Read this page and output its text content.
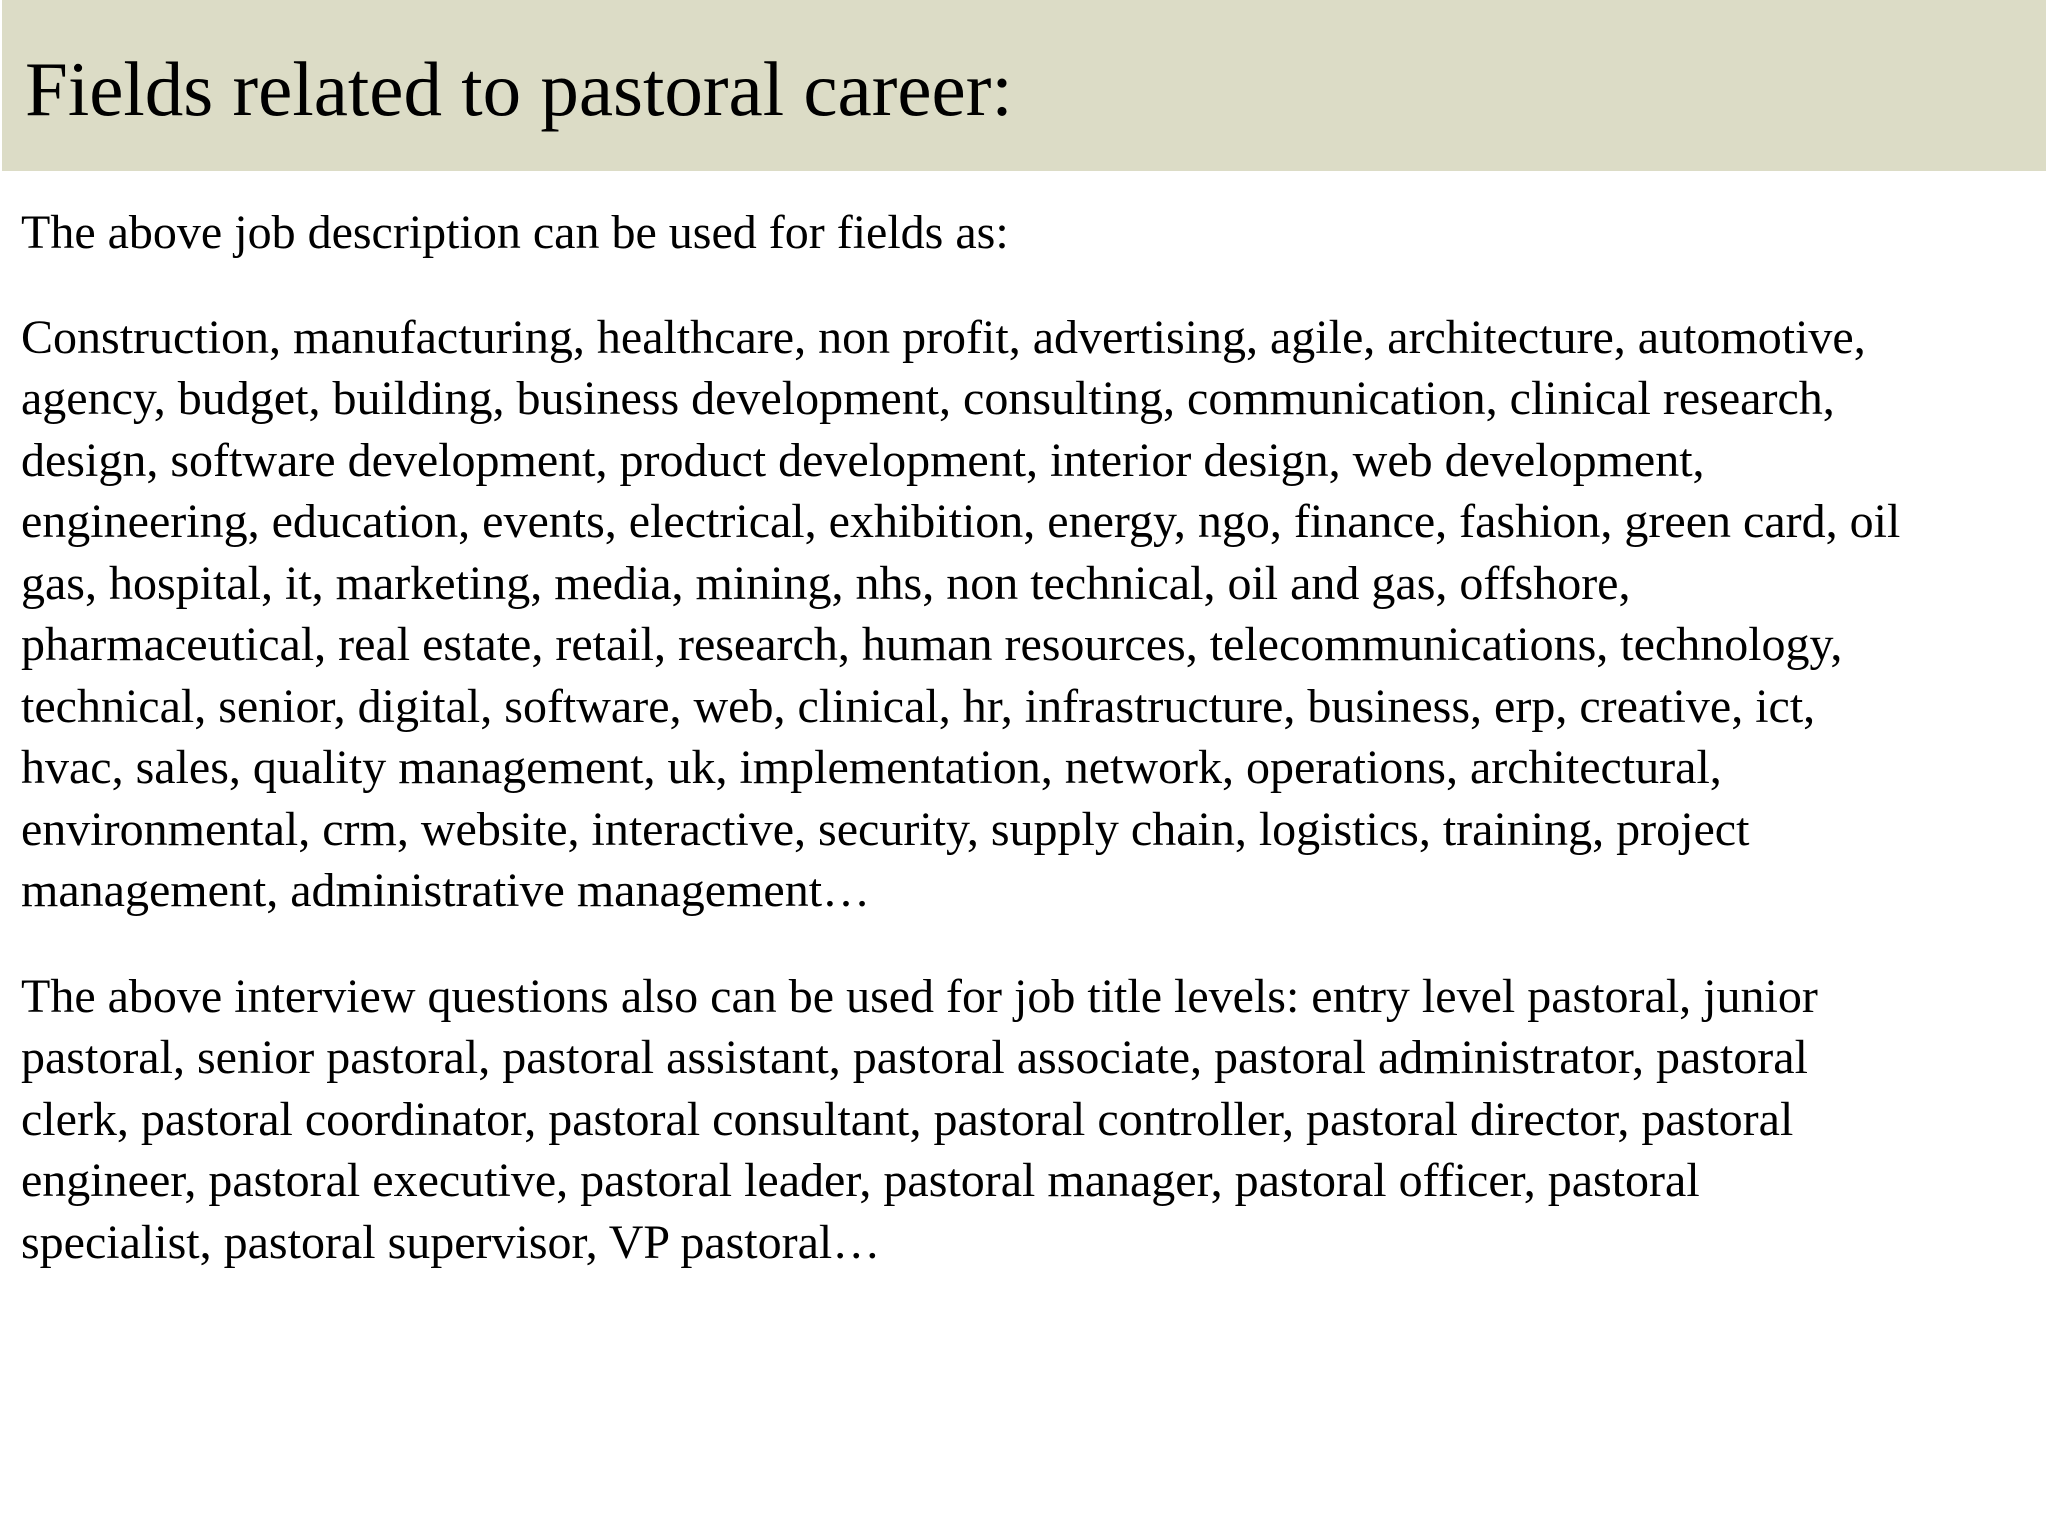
Fields related to pastoral career:

The above job description can be used for fields as:

Construction, manufacturing, healthcare, non profit, advertising, agile, architecture, automotive,
agency, budget, building, business development, consulting, communication, clinical research,
design, software development, product development, interior design, web development,
engineering, education, events, electrical, exhibition, energy, ngo, finance, fashion, green card, oil
gas, hospital, it, marketing, media, mining, nhs, non technical, oil and gas, offshore,
pharmaceutical, real estate, retail, research, human resources, telecommunications, technology,
technical, senior, digital, software, web, clinical, hr, infrastructure, business, erp, creative, ict,
hvac, sales, quality management, uk, implementation, network, operations, architectural,
environmental, crm, website, interactive, security, supply chain, logistics, training, project
management, administrative management…

The above interview questions also can be used for job title levels: entry level pastoral, junior
pastoral, senior pastoral, pastoral assistant, pastoral associate, pastoral administrator, pastoral
clerk, pastoral coordinator, pastoral consultant, pastoral controller, pastoral director, pastoral
engineer, pastoral executive, pastoral leader, pastoral manager, pastoral officer, pastoral
specialist, pastoral supervisor, VP pastoral…
